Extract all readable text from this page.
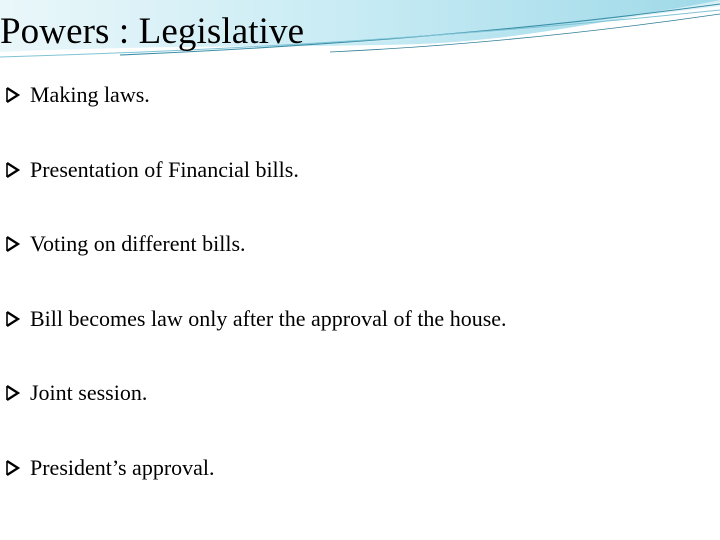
Powers : Legislative
Making laws.
Presentation of Financial bills.
Voting on different bills.
Bill becomes law only after the approval of the house.
Joint session.
President’s approval.
